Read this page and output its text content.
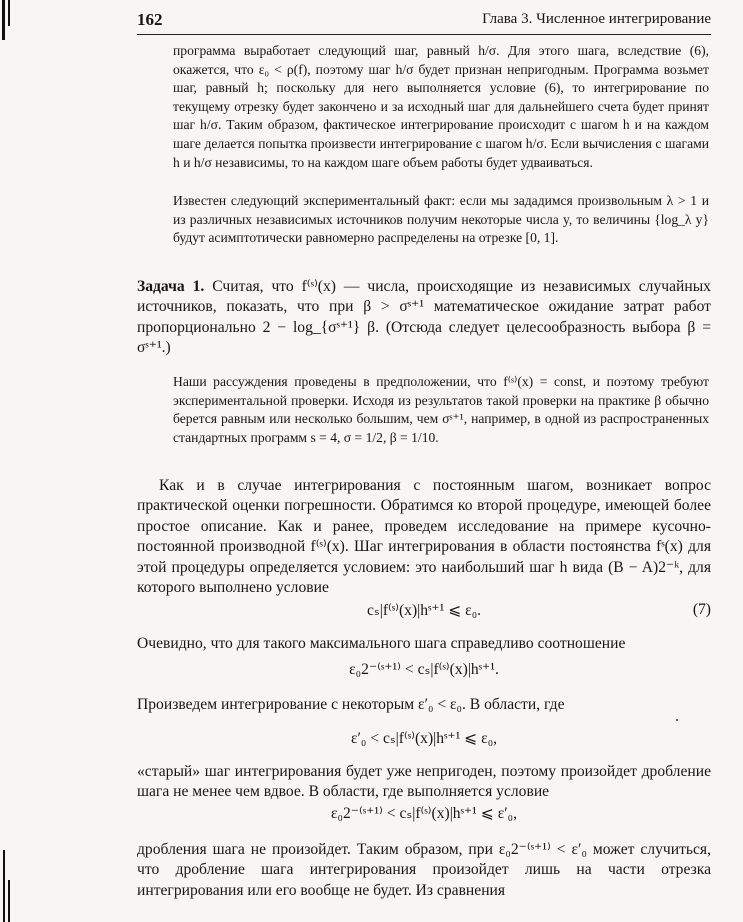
162	Глава 3. Численное интегрирование

программа выработает следующий шаг, равный h/σ. Для этого шага, вследствие (6), окажется, что ε₀ < ρ(f), поэтому шаг h/σ будет признан непригодным. Программа возьмет шаг, равный h; поскольку для него выполняется условие (6), то интегрирование по текущему отрезку будет закончено и за исходный шаг для дальнейшего счета будет принят шаг h/σ. Таким образом, фактическое интегрирование происходит с шагом h и на каждом шаге делается попытка произвести интегрирование с шагом h/σ. Если вычисления с шагами h и h/σ независимы, то на каждом шаге объем работы будет удваиваться.

Известен следующий экспериментальный факт: если мы зададимся произвольным λ > 1 и из различных независимых источников получим некоторые числа y, то величины {log_λ y} будут асимптотически равномерно распределены на отрезке [0, 1].

Задача 1. Считая, что f⁽ˢ⁾(x) — числа, происходящие из независимых случайных источников, показать, что при β > σˢ⁺¹ математическое ожидание затрат работ пропорционально 2 − log_{σˢ⁺¹} β. (Отсюда следует целесообразность выбора β = σˢ⁺¹.)

Наши рассуждения проведены в предположении, что f⁽ˢ⁾(x) = const, и поэтому требуют экспериментальной проверки. Исходя из результатов такой проверки на практике β обычно берется равным или несколько большим, чем σˢ⁺¹, например, в одной из распространенных стандартных программ s = 4, σ = 1/2, β = 1/10.

Как и в случае интегрирования с постоянным шагом, возникает вопрос практической оценки погрешности. Обратимся ко второй процедуре, имеющей более простое описание. Как и ранее, проведем исследование на примере кусочно-постоянной производной f⁽ˢ⁾(x). Шаг интегрирования в области постоянства fˢ(x) для этой процедуры определяется условием: это наибольший шаг h вида (B − A)2⁻ᵏ, для которого выполнено условие

cₛ|f⁽ˢ⁾(x)|hˢ⁺¹ ⩽ ε₀.	(7)

Очевидно, что для такого максимального шага справедливо соотношение

ε₀2⁻⁽ˢ⁺¹⁾ < cₛ|f⁽ˢ⁾(x)|hˢ⁺¹.

Произведем интегрирование с некоторым ε′₀ < ε₀. В области, где

ε′₀ < cₛ|f⁽ˢ⁾(x)|hˢ⁺¹ ⩽ ε₀,

«старый» шаг интегрирования будет уже непригоден, поэтому произойдет дробление шага не менее чем вдвое. В области, где выполняется условие

ε₀2⁻⁽ˢ⁺¹⁾ < cₛ|f⁽ˢ⁾(x)|hˢ⁺¹ ⩽ ε′₀,

дробления шага не произойдет. Таким образом, при ε₀2⁻⁽ˢ⁺¹⁾ < ε′₀ может случиться, что дробление шага интегрирования произойдет лишь на части отрезка интегрирования или его вообще не будет. Из сравнения
